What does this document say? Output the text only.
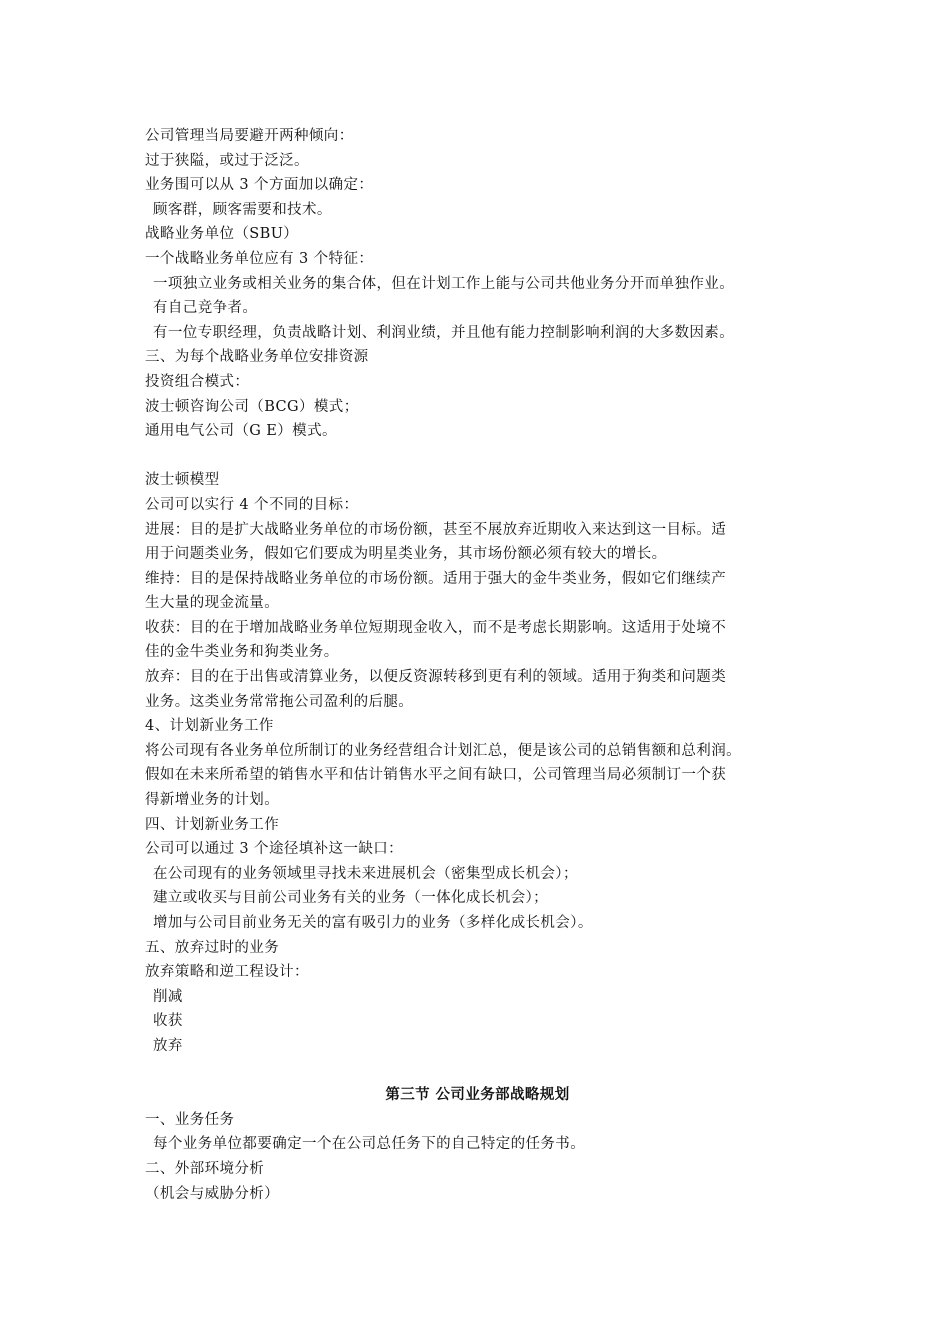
公司管理当局要避开两种倾向：
过于狭隘，或过于泛泛。
业务围可以从 3 个方面加以确定：
顾客群，顾客需要和技术。
战略业务单位（SBU）
一个战略业务单位应有 3 个特征：
一项独立业务或相关业务的集合体，但在计划工作上能与公司共他业务分开而单独作业。
有自己竞争者。
有一位专职经理，负责战略计划、利润业绩，并且他有能力控制影响利润的大多数因素。
三、为每个战略业务单位安排资源
投资组合模式：
波士顿咨询公司（BCG）模式；
通用电气公司（G E）模式。
波士顿模型
公司可以实行 4 个不同的目标：
进展：目的是扩大战略业务单位的市场份额，甚至不展放弃近期收入来达到这一目标。适
用于问题类业务，假如它们要成为明星类业务，其市场份额必须有较大的增长。
维持：目的是保持战略业务单位的市场份额。适用于强大的金牛类业务，假如它们继续产
生大量的现金流量。
收获：目的在于增加战略业务单位短期现金收入，而不是考虑长期影响。这适用于处境不
佳的金牛类业务和狗类业务。
放弃：目的在于出售或清算业务，以便反资源转移到更有利的领域。适用于狗类和问题类
业务。这类业务常常拖公司盈利的后腿。
4、计划新业务工作
将公司现有各业务单位所制订的业务经营组合计划汇总，便是该公司的总销售额和总利润。
假如在未来所希望的销售水平和估计销售水平之间有缺口，公司管理当局必须制订一个获
得新增业务的计划。
四、计划新业务工作
公司可以通过 3 个途径填补这一缺口：
在公司现有的业务领域里寻找未来进展机会（密集型成长机会）；
建立或收买与目前公司业务有关的业务（一体化成长机会）；
增加与公司目前业务无关的富有吸引力的业务（多样化成长机会）。
五、放弃过时的业务
放弃策略和逆工程设计：
削减
收获
放弃
第三节 公司业务部战略规划
一、业务任务
每个业务单位都要确定一个在公司总任务下的自己特定的任务书。
二、外部环境分析
（机会与威胁分析）
